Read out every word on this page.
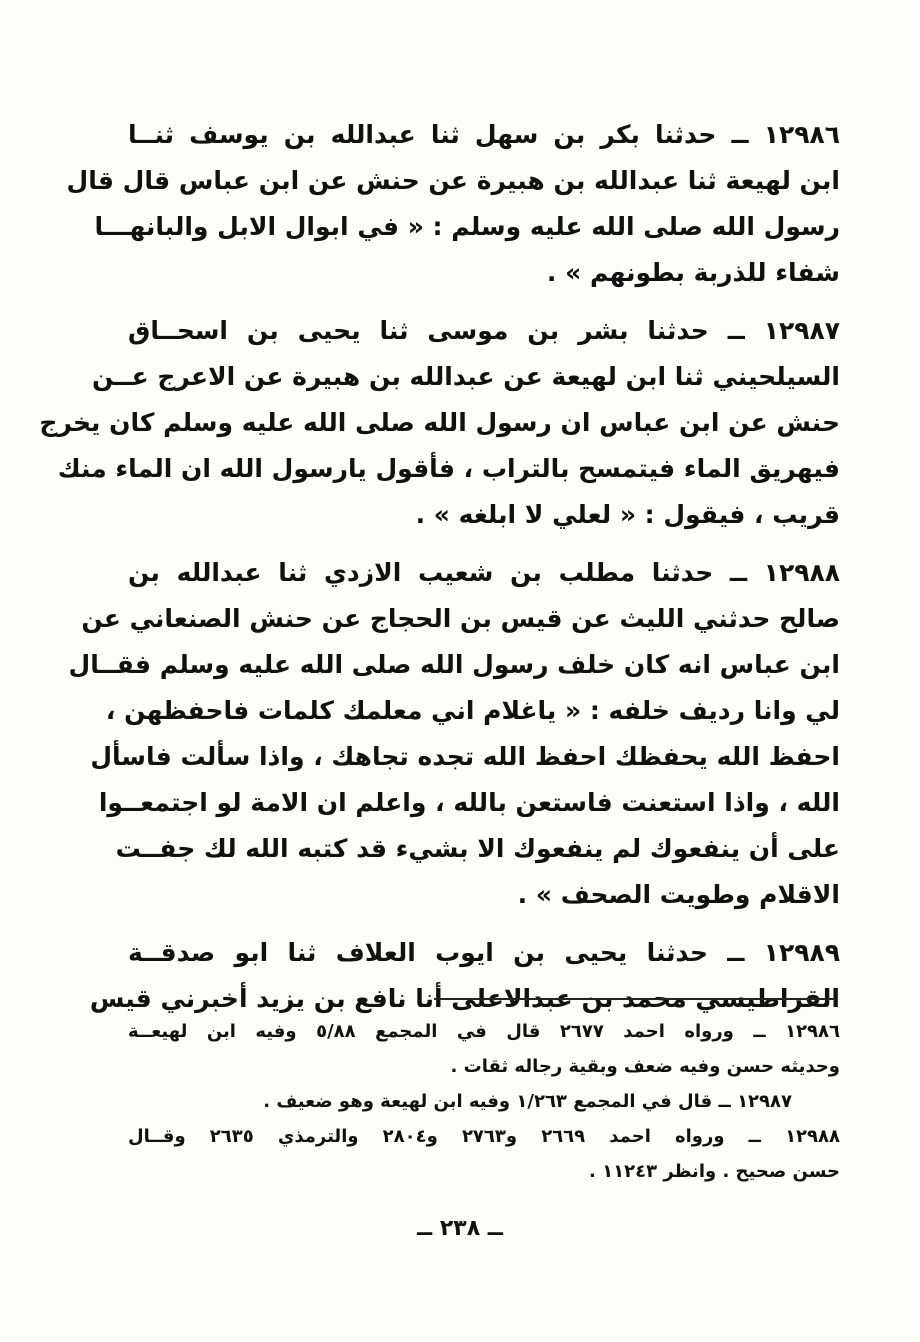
١٢٩٨٦ ــ حدثنا بكر بن سهل ثنا عبدالله بن يوسف ثنــا
ابن لهيعة ثنا عبدالله بن هبيرة عن حنش عن ابن عباس قال قال
رسول الله صلى الله عليه وسلم : « في ابوال الابل والبانهـــا
شفاء للذربة بطونهم » .
١٢٩٨٧ ــ حدثنا بشر بن موسى ثنا يحيى بن اسحــاق
السيلحيني ثنا ابن لهيعة عن عبدالله بن هبيرة عن الاعرج عــن
حنش عن ابن عباس ان رسول الله صلى الله عليه وسلم كان يخرج
فيهريق الماء فيتمسح بالتراب ، فأقول يارسول الله ان الماء منك
قريب ، فيقول : « لعلي لا ابلغه » .
١٢٩٨٨ ــ حدثنا مطلب بن شعيب الازدي ثنا عبدالله بن
صالح حدثني الليث عن قيس بن الحجاج عن حنش الصنعاني عن
ابن عباس انه كان خلف رسول الله صلى الله عليه وسلم فقــال
لي وانا رديف خلفه : « ياغلام اني معلمك كلمات فاحفظهن ،
احفظ الله يحفظك احفظ الله تجده تجاهك ، واذا سألت فاسأل
الله ، واذا استعنت فاستعن بالله ، واعلم ان الامة لو اجتمعــوا
على أن ينفعوك لم ينفعوك الا بشيء قد كتبه الله لك جفــت
الاقلام وطويت الصحف » .
١٢٩٨٩ ــ حدثنا يحيى بن ايوب العلاف ثنا ابو صدقــة
القراطيسي محمد بن عبدالاعلى أنا نافع بن يزيد أخبرني قيس
١٢٩٨٦ ــ ورواه احمد ٢٦٧٧ قال في المجمع ٥/٨٨ وفيه ابن لهيعــة
وحديثه حسن وفيه ضعف وبقية رجاله ثقات .
١٢٩٨٧ ــ قال في المجمع ١/٢٦٣ وفيه ابن لهيعة وهو ضعيف .
١٢٩٨٨ ــ ورواه احمد ٢٦٦٩ و٢٧٦٣ و٢٨٠٤ والترمذي ٢٦٣٥ وقــال
حسن صحيح . وانظر ١١٢٤٣ .
ــ ٢٣٨ ــ
